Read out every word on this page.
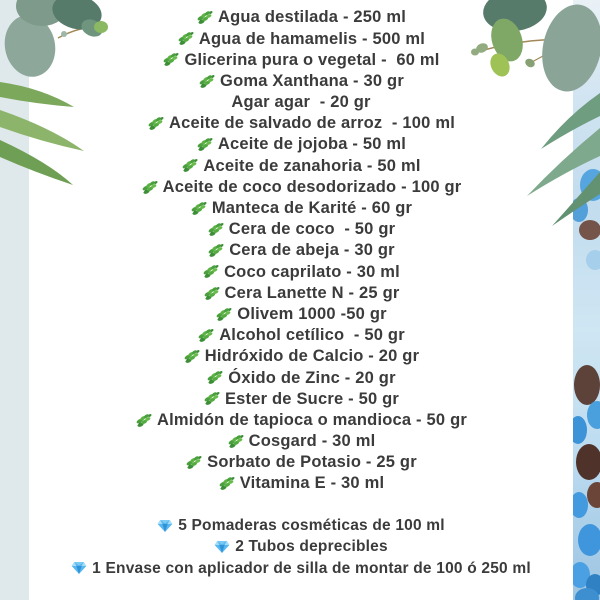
Agua destilada - 250 ml
Agua de hamamelis - 500 ml
Glicerina pura o vegetal -  60 ml
Goma Xanthana - 30 gr
Agar agar  - 20 gr
Aceite de salvado de arroz  - 100 ml
Aceite de jojoba - 50 ml
Aceite de zanahoria - 50 ml
Aceite de coco desodorizado - 100 gr
Manteca de Karité - 60 gr
Cera de coco  - 50 gr
Cera de abeja - 30 gr
Coco caprilato - 30 ml
Cera Lanette N - 25 gr
Olivem 1000 -50 gr
Alcohol cetílico  - 50 gr
Hidróxido de Calcio - 20 gr
Óxido de Zinc - 20 gr
Ester de Sucre - 50 gr
Almidón de tapioca o mandioca - 50 gr
Cosgard - 30 ml
Sorbato de Potasio - 25 gr
Vitamina E - 30 ml
5 Pomaderas cosméticas de 100 ml
2 Tubos deprecibles
1 Envase con aplicador de silla de montar de 100 ó 250 ml
